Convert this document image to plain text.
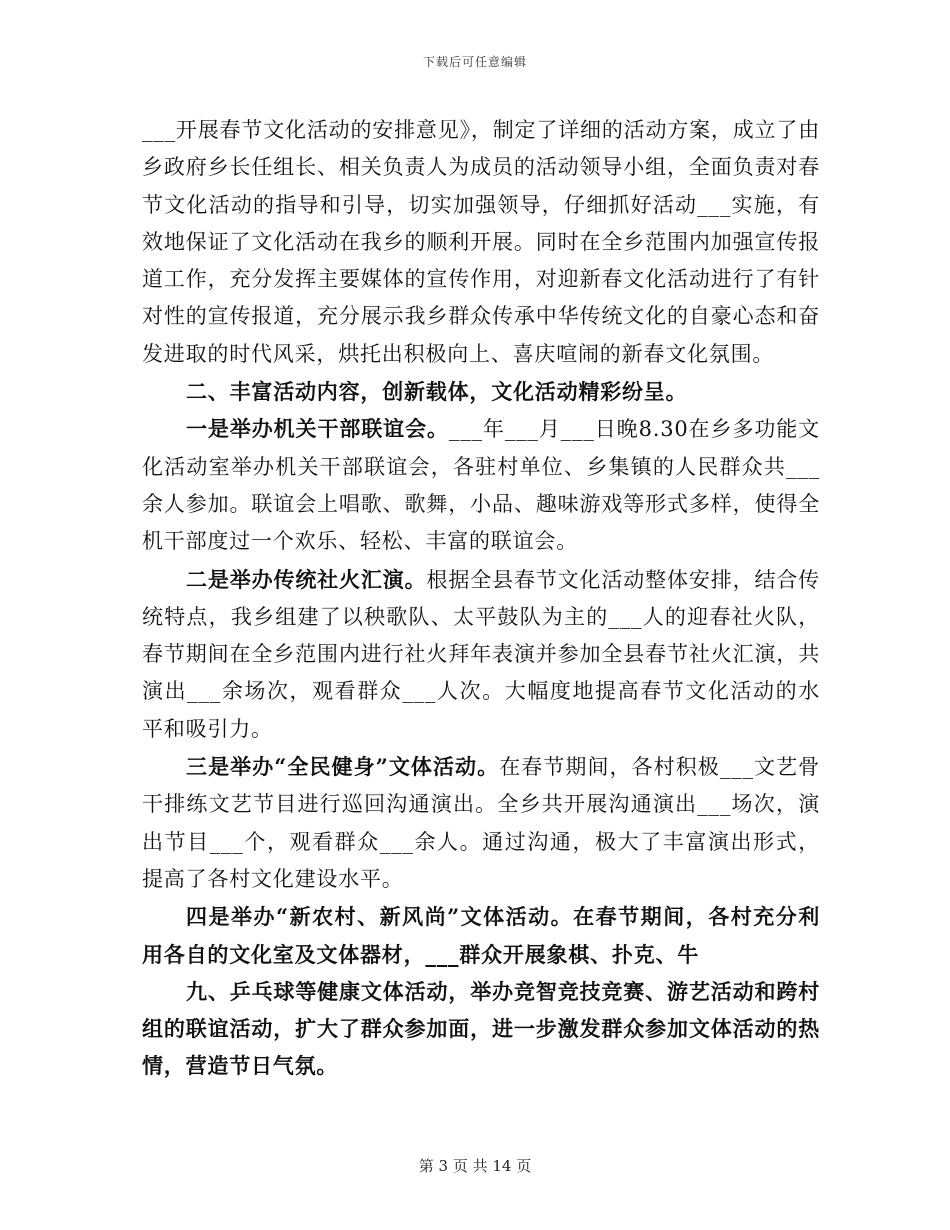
下载后可任意编辑

___开展春节文化活动的安排意见》，制定了详细的活动方案，成立了由乡政府乡长任组长、相关负责人为成员的活动领导小组，全面负责对春节文化活动的指导和引导，切实加强领导，仔细抓好活动___实施，有效地保证了文化活动在我乡的顺利开展。同时在全乡范围内加强宣传报道工作，充分发挥主要媒体的宣传作用，对迎新春文化活动进行了有针对性的宣传报道，充分展示我乡群众传承中华传统文化的自豪心态和奋发进取的时代风采，烘托出积极向上、喜庆喧闹的新春文化氛围。

二、丰富活动内容，创新载体，文化活动精彩纷呈。

一是举办机关干部联谊会。___年___月___日晚8.30在乡多功能文化活动室举办机关干部联谊会，各驻村单位、乡集镇的人民群众共___余人参加。联谊会上唱歌、歌舞，小品、趣味游戏等形式多样，使得全机干部度过一个欢乐、轻松、丰富的联谊会。

二是举办传统社火汇演。根据全县春节文化活动整体安排，结合传统特点，我乡组建了以秧歌队、太平鼓队为主的___人的迎春社火队，春节期间在全乡范围内进行社火拜年表演并参加全县春节社火汇演，共演出___余场次，观看群众___人次。大幅度地提高春节文化活动的水平和吸引力。

三是举办“全民健身”文体活动。在春节期间，各村积极___文艺骨干排练文艺节目进行巡回沟通演出。全乡共开展沟通演出___场次，演出节目___个，观看群众___余人。通过沟通，极大了丰富演出形式，提高了各村文化建设水平。

四是举办“新农村、新风尚”文体活动。在春节期间，各村充分利用各自的文化室及文体器材，___群众开展象棋、扑克、牛

九、乒乓球等健康文体活动，举办竞智竞技竞赛、游艺活动和跨村组的联谊活动，扩大了群众参加面，进一步激发群众参加文体活动的热情，营造节日气氛。

第 3 页 共 14 页
